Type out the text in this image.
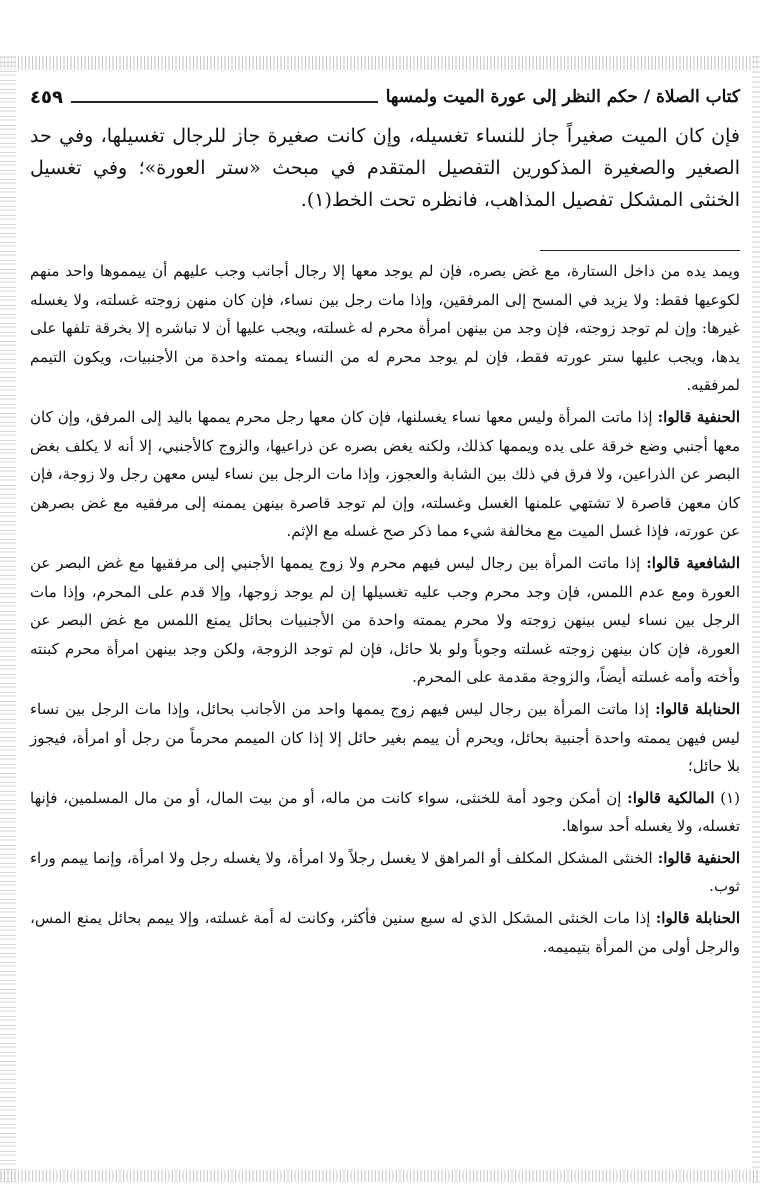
كتاب الصلاة / حكم النظر إلى عورة الميت ولمسها
٤٥٩

فإن كان الميت صغيراً جاز للنساء تغسيله، وإن كانت صغيرة جاز للرجال تغسيلها، وفي حد الصغير والصغيرة المذكورين التفصيل المتقدم في مبحث «ستر العورة»؛ وفي تغسيل الخنثى المشكل تفصيل المذاهب، فانظره تحت الخط(١).

ويمد يده من داخل الستارة، مع غض بصره، فإن لم يوجد معها إلا رجال أجانب وجب عليهم أن ييمموها واحد منهم لكوعيها فقط: ولا يزيد في المسح إلى المرفقين، وإذا مات رجل بين نساء، فإن كان منهن زوجته غسلته، ولا يغسله غيرها: وإن لم توجد زوجته، فإن وجد من بينهن امرأة محرم له غسلته، ويجب عليها أن لا تباشره إلا بخرقة تلفها على يدها، ويجب عليها ستر عورته فقط، فإن لم يوجد محرم له من النساء يممته واحدة من الأجنبيات، ويكون التيمم لمرفقيه.

الحنفية قالوا: إذا ماتت المرأة وليس معها نساء يغسلنها، فإن كان معها رجل محرم يممها باليد إلى المرفق، وإن كان معها أجنبي وضع خرقة على يده ويممها كذلك، ولكنه يغض بصره عن ذراعيها، والزوج كالأجنبي، إلا أنه لا يكلف بغض البصر عن الذراعين، ولا فرق في ذلك بين الشابة والعجوز، وإذا مات الرجل بين نساء ليس معهن رجل ولا زوجة، فإن كان معهن قاصرة لا تشتهي علمنها الغسل وغسلته، وإن لم توجد قاصرة بينهن يممنه إلى مرفقيه مع غض بصرهن عن عورته، فإذا غسل الميت مع مخالفة شيء مما ذكر صح غسله مع الإثم.

الشافعية قالوا: إذا ماتت المرأة بين رجال ليس فيهم محرم ولا زوج يممها الأجنبي إلى مرفقيها مع غض البصر عن العورة ومع عدم اللمس، فإن وجد محرم وجب عليه تغسيلها إن لم يوجد زوجها، وإلا قدم على المحرم، وإذا مات الرجل بين نساء ليس بينهن زوجته ولا محرم يممته واحدة من الأجنبيات بحائل يمنع اللمس مع غض البصر عن العورة، فإن كان بينهن زوجته غسلته وجوباً ولو بلا حائل، فإن لم توجد الزوجة، ولكن وجد بينهن امرأة محرم كبنته وأخته وأمه غسلته أيضاً، والزوجة مقدمة على المحرم.

الحنابلة قالوا: إذا ماتت المرأة بين رجال ليس فيهم زوج يممها واحد من الأجانب بحائل، وإذا مات الرجل بين نساء ليس فيهن يممته واحدة أجنبية بحائل، ويحرم أن ييمم بغير حائل إلا إذا كان الميمم محرماً من رجل أو امرأة، فيجوز بلا حائل؛

(١) المالكية قالوا: إن أمكن وجود أمة للخنثى، سواء كانت من ماله، أو من بيت المال، أو من مال المسلمين، فإنها تغسله، ولا يغسله أحد سواها.

الحنفية قالوا: الخنثى المشكل المكلف أو المراهق لا يغسل رجلاً ولا امرأة، ولا يغسله رجل ولا امرأة، وإنما ييمم وراء ثوب.

الحنابلة قالوا: إذا مات الخنثى المشكل الذي له سبع سنين فأكثر، وكانت له أمة غسلته، وإلا ييمم بحائل يمنع المس، والرجل أولى من المرأة بتيميمه.
